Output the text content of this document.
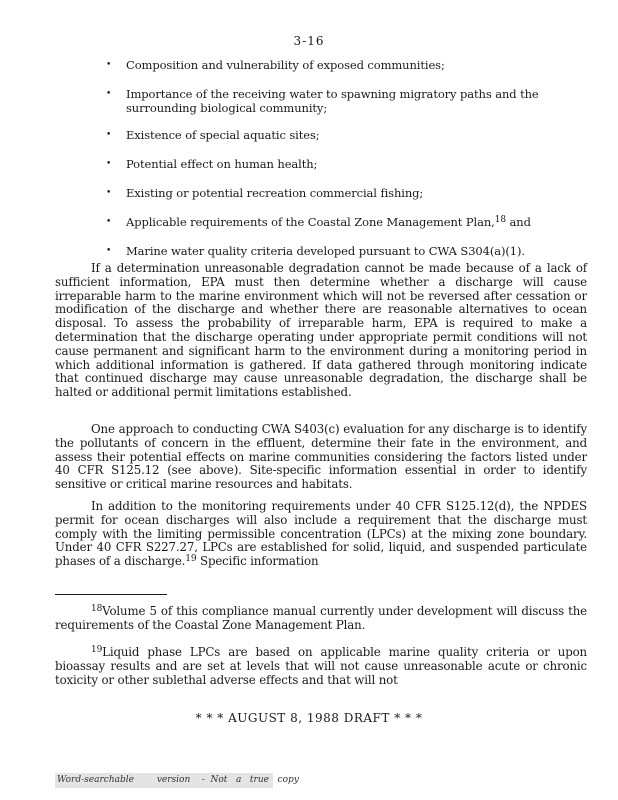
3-16
• Composition and vulnerability of exposed communities;
• Importance of the receiving water to spawning migratory paths and the surrounding biological community;
• Existence of special aquatic sites;
• Potential effect on human health;
• Existing or potential recreation commercial fishing;
• Applicable requirements of the Coastal Zone Management Plan,$^{18}$ and
• Marine water quality criteria developed pursuant to CWA S304(a)(1).
If a determination unreasonable degradation cannot be made because of a lack of sufficient information, EPA must then determine whether a discharge will cause irreparable harm to the marine environment which will not be reversed after cessation or modification of the discharge and whether there are reasonable alternatives to ocean disposal. To assess the probability of irreparable harm, EPA is required to make a determination that the discharge operating under appropriate permit conditions will not cause permanent and significant harm to the environment during a monitoring period in which additional information is gathered. If data gathered through monitoring indicate that continued discharge may cause unreasonable degradation, the discharge shall be halted or additional permit limitations established.
One approach to conducting CWA S403(c) evaluation for any discharge is to identify the pollutants of concern in the effluent, determine their fate in the environment, and assess their potential effects on marine communities considering the factors listed under 40 CFR S125.12 (see above). Site-specific information essential in order to identify sensitive or critical marine resources and habitats.
In addition to the monitoring requirements under 40 CFR S125.12(d), the NPDES permit for ocean discharges will also include a requirement that the discharge must comply with the limiting permissible concentration (LPCs) at the mixing zone boundary. Under 40 CFR S227.27, LPCs are established for solid, liquid, and suspended particulate phases of a discharge.$^{19}$ Specific information
$^{18}$Volume 5 of this compliance manual currently under development will discuss the requirements of the Coastal Zone Management Plan.
$^{19}$Liquid phase LPCs are based on applicable marine quality criteria or upon bioassay results and are set at levels that will not cause unreasonable acute or chronic toxicity or other sublethal adverse effects and that will not
* * * AUGUST 8, 1988 DRAFT * * *
Word-searchable        version    -  Not   a   true   copy
